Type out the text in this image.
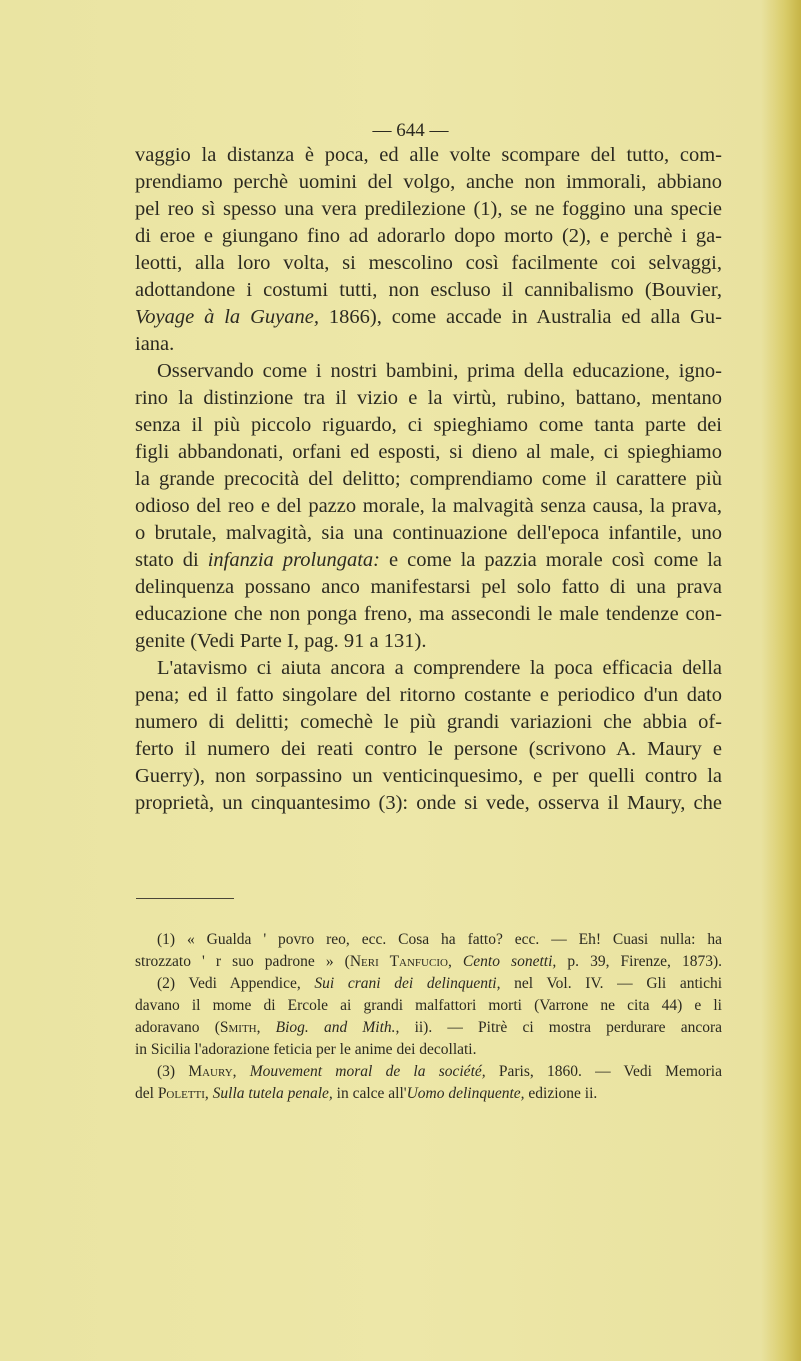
— 644 —
vaggio la distanza è poca, ed alle volte scompare del tutto, com-
prendiamo perchè uomini del volgo, anche non immorali, abbiano
pel reo sì spesso una vera predilezione (1), se ne foggino una specie
di eroe e giungano fino ad adorarlo dopo morto (2), e perchè i ga-
leotti, alla loro volta, si mescolino così facilmente coi selvaggi,
adottandone i costumi tutti, non escluso il cannibalismo (Bouvier,
Voyage à la Guyane, 1866), come accade in Australia ed alla Gu-
iana.
Osservando come i nostri bambini, prima della educazione, igno-
rino la distinzione tra il vizio e la virtù, rubino, battano, mentano
senza il più piccolo riguardo, ci spieghiamo come tanta parte dei
figli abbandonati, orfani ed esposti, si dieno al male, ci spieghiamo
la grande precocità del delitto; comprendiamo come il carattere più
odioso del reo e del pazzo morale, la malvagità senza causa, la prava,
o brutale, malvagità, sia una continuazione dell'epoca infantile, uno
stato di infanzia prolungata: e come la pazzia morale così come la
delinquenza possano anco manifestarsi pel solo fatto di una prava
educazione che non ponga freno, ma assecondi le male tendenze con-
genite (Vedi Parte I, pag. 91 a 131).
L'atavismo ci aiuta ancora a comprendere la poca efficacia della
pena; ed il fatto singolare del ritorno costante e periodico d'un dato
numero di delitti; comechè le più grandi variazioni che abbia of-
ferto il numero dei reati contro le persone (scrivono A. Maury e
Guerry), non sorpassino un venticinquesimo, e per quelli contro la
proprietà, un cinquantesimo (3): onde si vede, osserva il Maury, che
(1) « Gualda ' povro reo, ecc. Cosa ha fatto? ecc. — Eh! Cuasi nulla: ha
strozzato ' r suo padrone » (Neri Tanfucio, Cento sonetti, p. 39, Firenze, 1873).
(2) Vedi Appendice, Sui crani dei delinquenti, nel Vol. IV. — Gli antichi
davano il mome di Ercole ai grandi malfattori morti (Varrone ne cita 44) e li
adoravano (Smith, Biog. and Mith., ii). — Pitrè ci mostra perdurare ancora
in Sicilia l'adorazione feticia per le anime dei decollati.
(3) Maury, Mouvement moral de la société, Paris, 1860. — Vedi Memoria
del Poletti, Sulla tutela penale, in calce all'Uomo delinquente, edizione ii.
